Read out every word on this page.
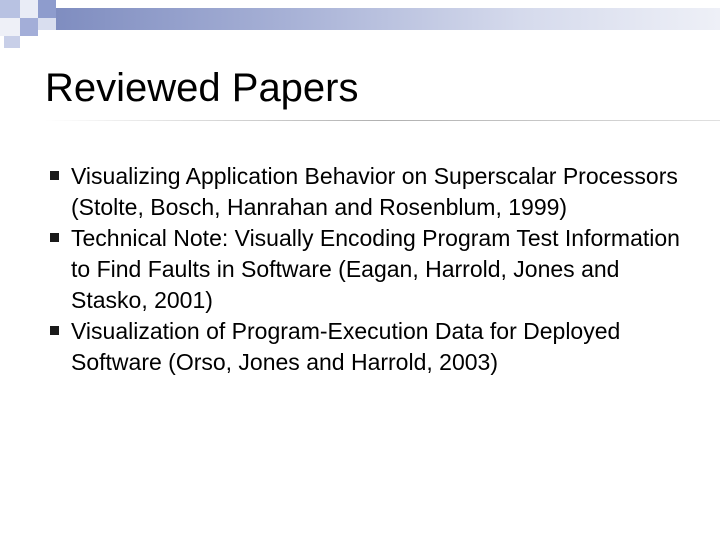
Reviewed Papers
Visualizing Application Behavior on Superscalar Processors (Stolte, Bosch, Hanrahan and Rosenblum, 1999)
Technical Note: Visually Encoding Program Test Information to Find Faults in Software (Eagan, Harrold, Jones and Stasko, 2001)
Visualization of Program-Execution Data for Deployed Software (Orso, Jones and Harrold, 2003)
